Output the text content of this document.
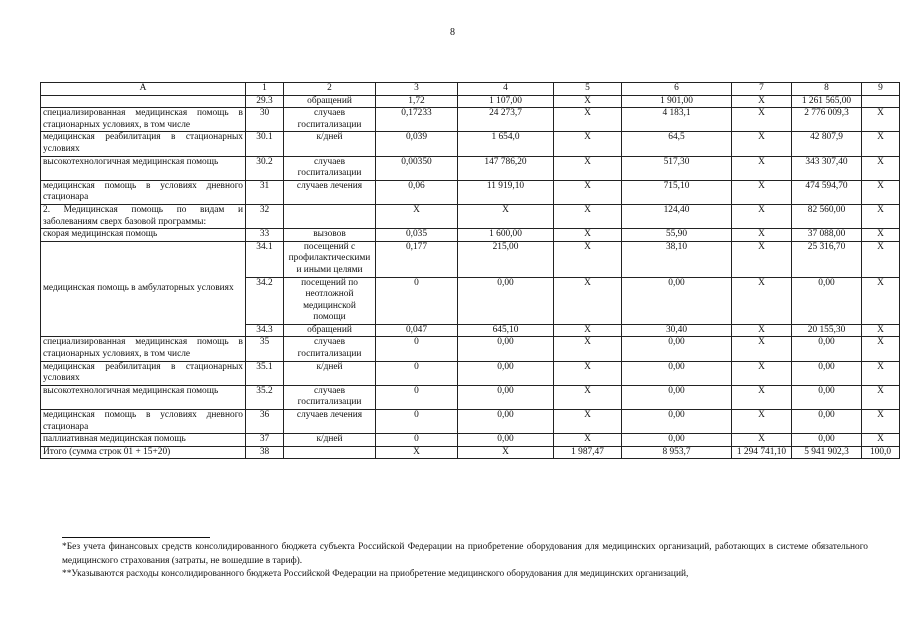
8
А	1	2	3	4	5	6	7	8	9
	29.3	обращений	1,72	1 107,00	X	1 901,00	X	1 261 565,00	
специализированная медицинская помощь в стационарных условиях, в том числе	30	случаев госпитализации	0,17233	24 273,7	X	4 183,1	X	2 776 009,3	X
медицинская реабилитация в стационарных условиях	30.1	к/дней	0,039	1 654,0	X	64,5	X	42 807,9	X
высокотехнологичная медицинская помощь	30.2	случаев госпитализации	0,00350	147 786,20	X	517,30	X	343 307,40	X
медицинская помощь в условиях дневного стационара	31	случаев лечения	0,06	11 919,10	X	715,10	X	474 594,70	X
2. Медицинская помощь по видам и заболеваниям сверх базовой программы:	32		X	X	X	124,40	X	82 560,00	X
скорая медицинская помощь	33	вызовов	0,035	1 600,00	X	55,90	X	37 088,00	X
медицинская помощь в амбулаторных условиях	34.1	посещений с профилактическими и иными целями	0,177	215,00	X	38,10	X	25 316,70	X
	34.2	посещений по неотложной медицинской помощи	0	0,00	X	0,00	X	0,00	X
	34.3	обращений	0,047	645,10	X	30,40	X	20 155,30	X
специализированная медицинская помощь в стационарных условиях, в том числе	35	случаев госпитализации	0	0,00	X	0,00	X	0,00	X
медицинская реабилитация в стационарных условиях	35.1	к/дней	0	0,00	X	0,00	X	0,00	X
высокотехнологичная медицинская помощь	35.2	случаев госпитализации	0	0,00	X	0,00	X	0,00	X
медицинская помощь в условиях дневного стационара	36	случаев лечения	0	0,00	X	0,00	X	0,00	X
паллиативная медицинская помощь	37	к/дней	0	0,00	X	0,00	X	0,00	X
Итого (сумма строк 01 + 15+20)	38		X	X	1 987,47	8 953,7	1 294 741,10	5 941 902,3	100,0

*Без учета финансовых средств консолидированного бюджета субъекта Российской Федерации на приобретение оборудования для медицинских организаций, работающих в системе обязательного медицинского страхования (затраты, не вошедшие в тариф).

**Указываются расходы консолидированного бюджета Российской Федерации на приобретение медицинского оборудования для медицинских организаций,
